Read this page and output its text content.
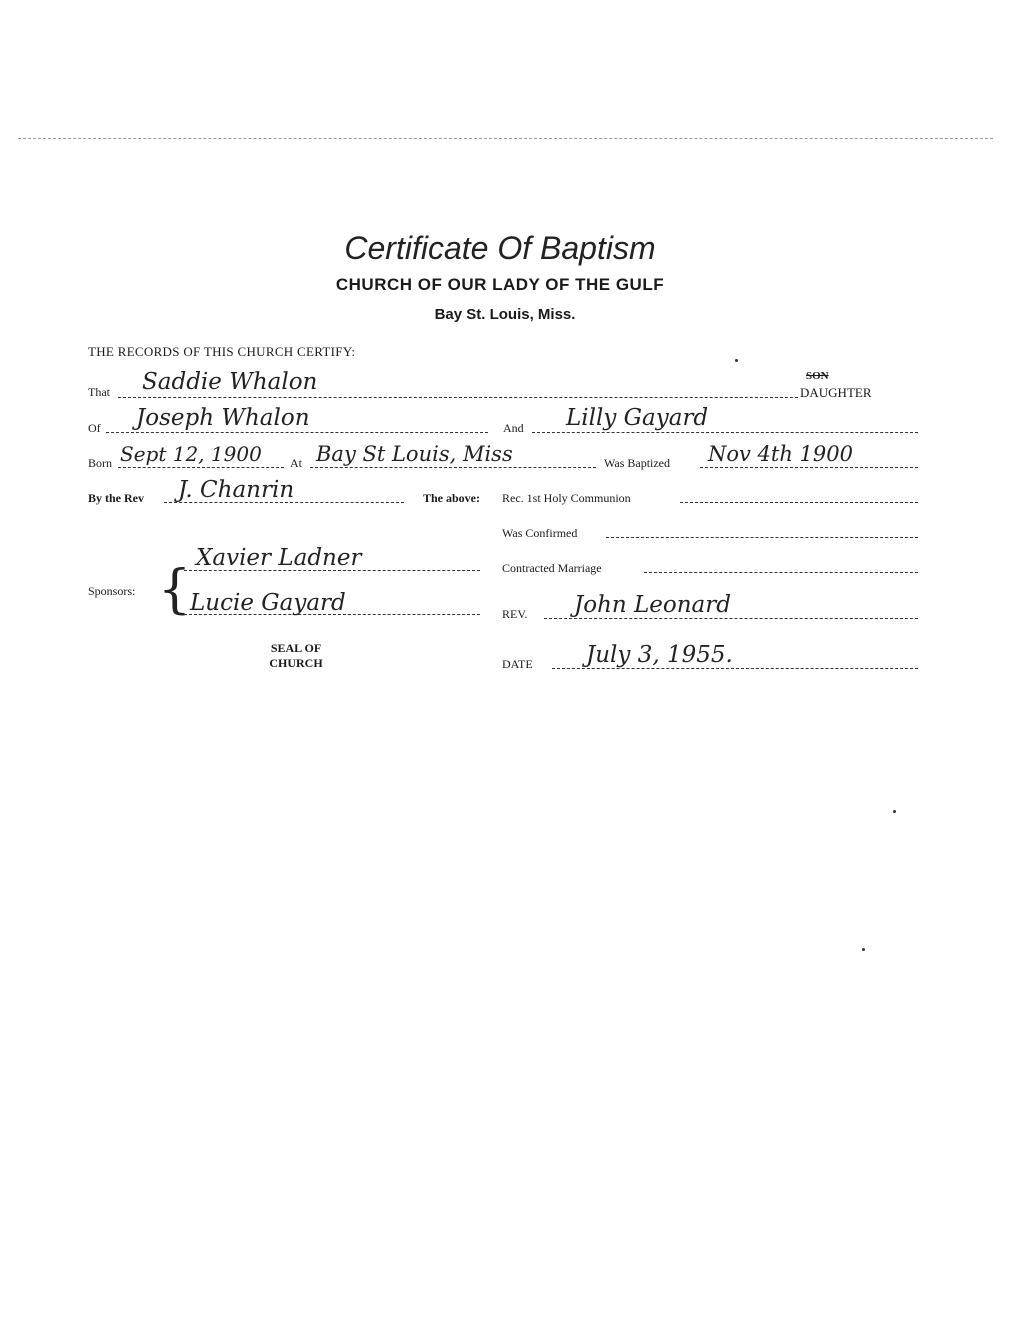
Certificate Of Baptism
CHURCH OF OUR LADY OF THE GULF
Bay St. Louis, Miss.
THE RECORDS OF THIS CHURCH CERTIFY:
That Saddie Whalon	SON
DAUGHTER
Of Joseph Whalon	And Lilly Gayard
Born Sept 12, 1900 At Bay St Louis, Miss	Was Baptized Nov 4th 1900
By the Rev J. Chanrin	The above: Rec. 1st Holy Communion
Was Confirmed
Sponsors: {
Xavier Ladner
Lucie Gayard
Contracted Marriage
REV. John Leonard
SEAL OF
CHURCH	DATE July 3, 1955.
